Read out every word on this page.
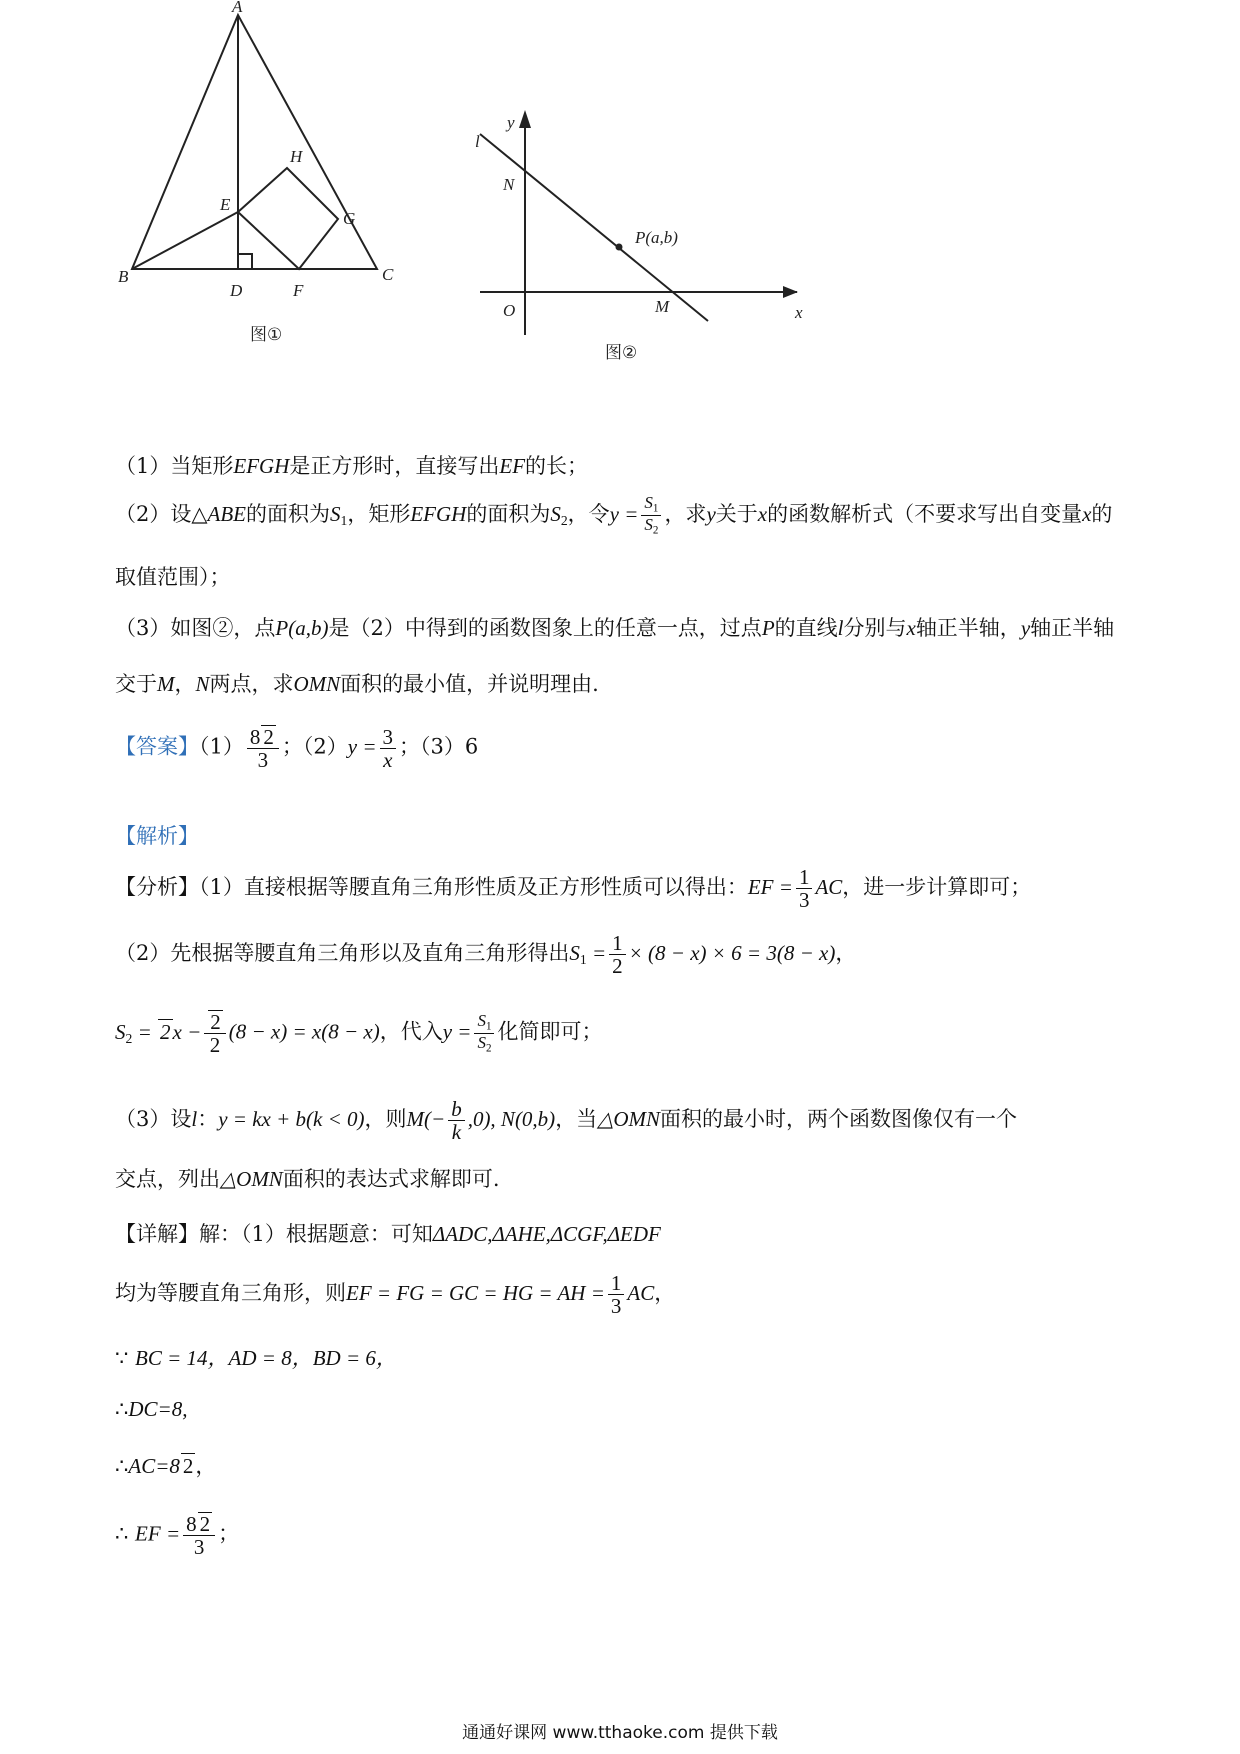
A
B	C
D
E
F
G
H
图①
y
x
l
N
O	M
P(a,b)
图②
（1）当矩形EFGH是正方形时，直接写出EF的长；
（2）设△ABE的面积为$S_1$，矩形EFGH的面积为$S_2$，令$y = \frac{S_1}{S_2}$ ，求y关于x的函数解析式（不要求写出自变量x的取值范围）；
（3）如图②，点P(a,b)是（2）中得到的函数图象上的任意一点，过点P的直线l分别与x轴正半轴，y轴正半轴交于M，N两点，求OMN面积的最小值，并说明理由.
【答案】$(1) \frac{8 2}{3}$ ；$(2)y = \frac{3}{x}$ ；（3）6
【解析】
【分析】（1）直接根据等腰直角三角形性质及正方形性质可以得出：EF = $\frac{1}{3}$ AC，进一步计算即可；
（2）先根据等腰直角三角形以及直角三角形得出$S_1 = \frac{1}{2} \times (8 - x) \times 6 = 3(8 - x)$，
$S_2 = 2x - \frac{2}{2} (8 - x) = x(8 - x)$，代入$y = \frac{S_1}{S_2}$ 化简即可；
（3）设l：y = kx + b(k < 0)，则$M(- \frac{b}{k} ,0)$, N(0,b)，当△OMN面积的最小时，两个函数图像仅有一个
交点，列出△OMN面积的表达式求解即可.
【详解】解：（1）根据题意：可知ΔADC,ΔAHE,ΔCGF,ΔEDF
均为等腰直角三角形，则EF = FG = GC = HG = AH = $\frac{1}{3}$ AC，
∵ BC = 14，AD = 8，BD = 6，
∴DC=8,
∴AC=8 2，
∴ EF = $\frac{8 2}{3}$ ；
通通好课网 www.tthaoke.com 提供下载
